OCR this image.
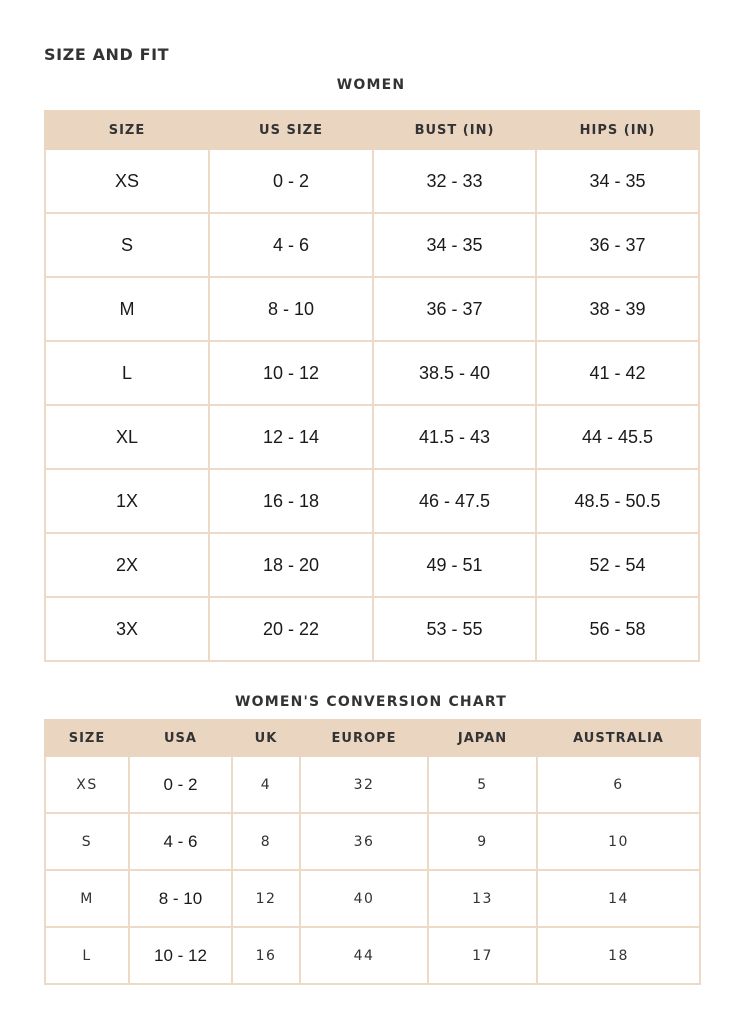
SIZE AND FIT
WOMEN
SIZE	US SIZE	BUST (IN)	HIPS (IN)
XS	0 - 2	32 - 33	34 - 35
S	4 - 6	34 - 35	36 - 37
M	8 - 10	36 - 37	38 - 39
L	10 - 12	38.5 - 40	41 - 42
XL	12 - 14	41.5 - 43	44 - 45.5
1X	16 - 18	46 - 47.5	48.5 - 50.5
2X	18 - 20	49 - 51	52 - 54
3X	20 - 22	53 - 55	56 - 58
WOMEN'S CONVERSION CHART
SIZE	USA	UK	EUROPE	JAPAN	AUSTRALIA
XS	0 - 2	4	32	5	6
S	4 - 6	8	36	9	10
M	8 - 10	12	40	13	14
L	10 - 12	16	44	17	18
